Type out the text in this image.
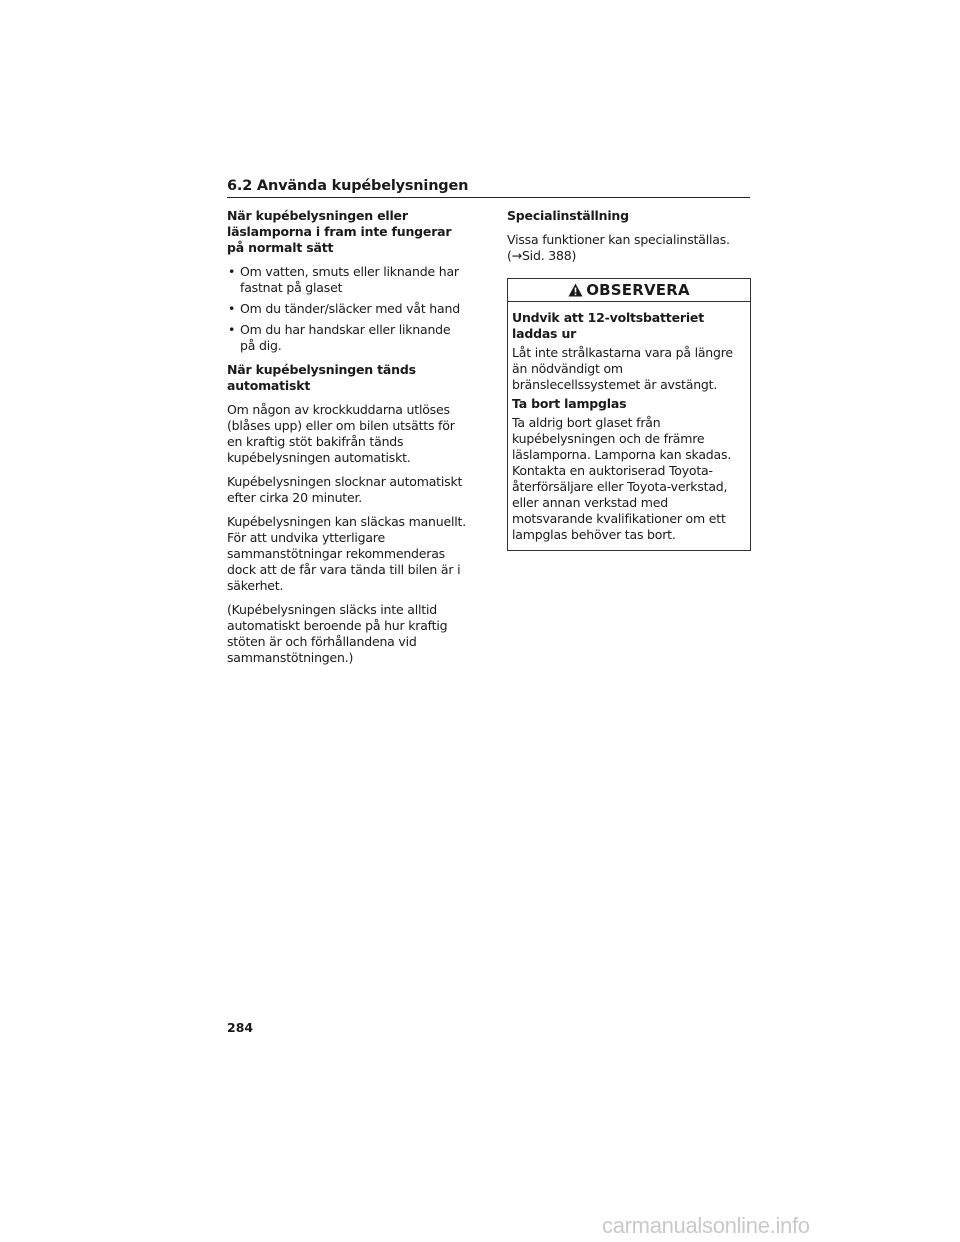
6.2 Använda kupébelysningen
När kupébelysningen eller läslamporna i fram inte fungerar på normalt sätt
• Om vatten, smuts eller liknande har fastnat på glaset
• Om du tänder/släcker med våt hand
• Om du har handskar eller liknande på dig.
När kupébelysningen tänds automatiskt
Om någon av krockkuddarna utlöses (blåses upp) eller om bilen utsätts för en kraftig stöt bakifrån tänds kupébelysningen automatiskt.
Kupébelysningen slocknar automatiskt efter cirka 20 minuter.
Kupébelysningen kan släckas manuellt. För att undvika ytterligare sammanstötningar rekommenderas dock att de får vara tända till bilen är i säkerhet.
(Kupébelysningen släcks inte alltid automatiskt beroende på hur kraftig stöten är och förhållandena vid sammanstötningen.)
Specialinställning
Vissa funktioner kan specialinställas. (→Sid. 388)
OBSERVERA
Undvik att 12-voltsbatteriet laddas ur
Låt inte strålkastarna vara på längre än nödvändigt om bränslecellssystemet är avstängt.
Ta bort lampglas
Ta aldrig bort glaset från kupébelysningen och de främre läslamporna. Lamporna kan skadas. Kontakta en auktoriserad Toyota-återförsäljare eller Toyota-verkstad, eller annan verkstad med motsvarande kvalifikationer om ett lampglas behöver tas bort.
284
carmanualsonline.info
